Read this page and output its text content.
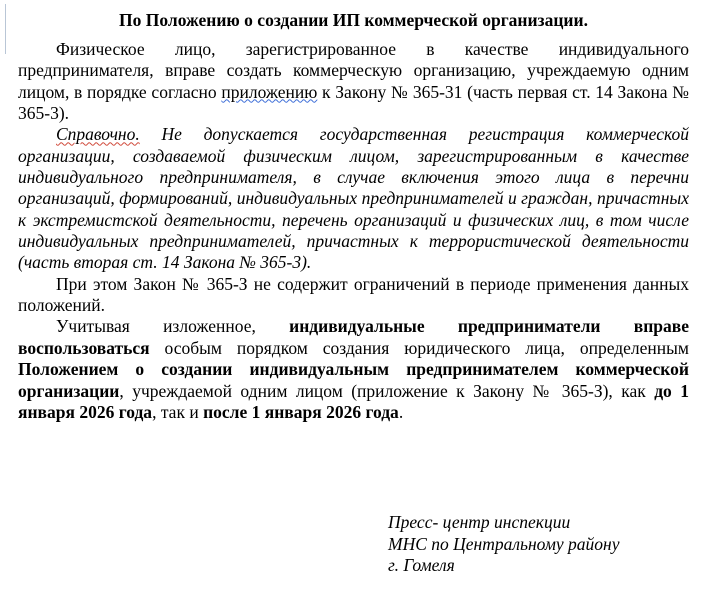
По Положению о создании ИП коммерческой организации.

Физическое лицо, зарегистрированное в качестве индивидуального предпринимателя, вправе создать коммерческую организацию, учреждаемую одним лицом, в порядке согласно приложению к Закону № 365-31 (часть первая ст. 14 Закона № 365-3).

Справочно. Не допускается государственная регистрация коммерческой организации, создаваемой физическим лицом, зарегистрированным в качестве индивидуального предпринимателя, в случае включения этого лица в перечни организаций, формирований, индивидуальных предпринимателей и граждан, причастных к экстремистской деятельности, перечень организаций и физических лиц, в том числе индивидуальных предпринимателей, причастных к террористической деятельности (часть вторая ст. 14 Закона № 365-3).

При этом Закон № 365-З не содержит ограничений в периоде применения данных положений.

Учитывая изложенное, индивидуальные предприниматели вправе воспользоваться особым порядком создания юридического лица, определенным Положением о создании индивидуальным предпринимателем коммерческой организации, учреждаемой одним лицом (приложение к Закону № 365-З), как до 1 января 2026 года, так и после 1 января 2026 года.

Пресс- центр инспекции
МНС по Центральному району
г. Гомеля
